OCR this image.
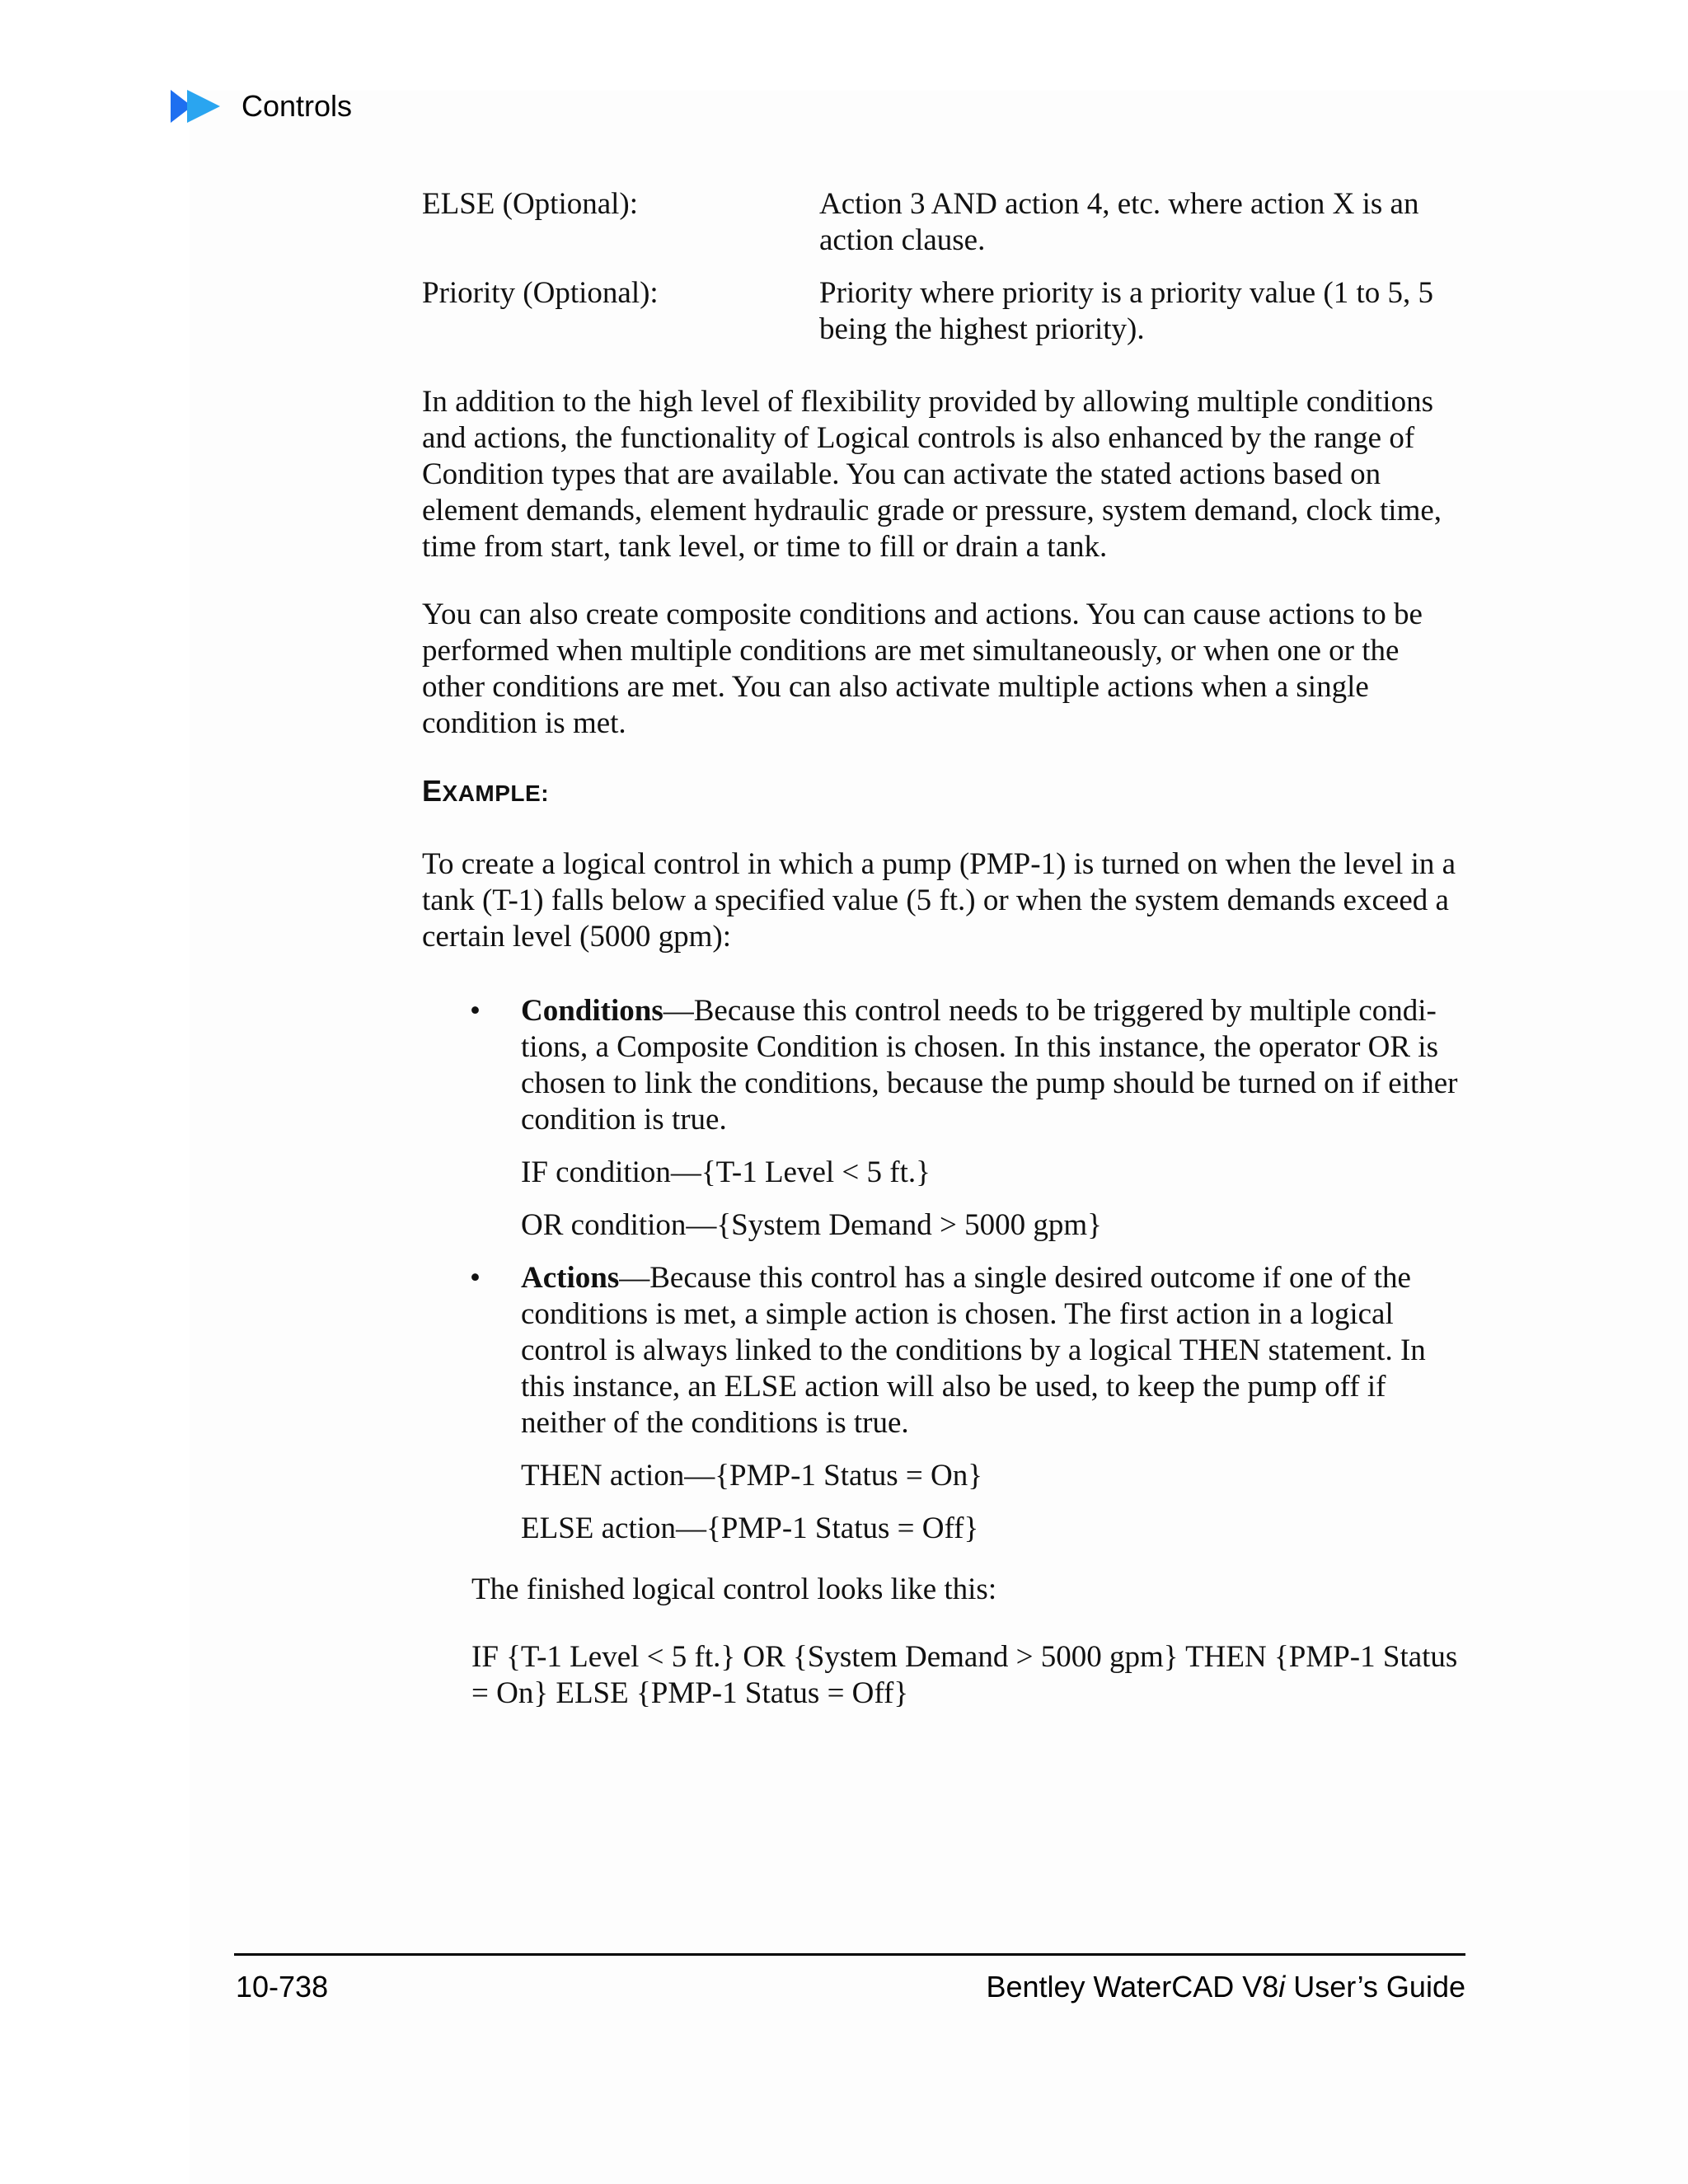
Controls
ELSE (Optional):	Action 3 AND action 4, etc. where action X is an action clause.
Priority (Optional):	Priority where priority is a priority value (1 to 5, 5 being the highest priority).

In addition to the high level of flexibility provided by allowing multiple conditions and actions, the functionality of Logical controls is also enhanced by the range of Condition types that are available. You can activate the stated actions based on element demands, element hydraulic grade or pressure, system demand, clock time, time from start, tank level, or time to fill or drain a tank.

You can also create composite conditions and actions. You can cause actions to be performed when multiple conditions are met simultaneously, or when one or the other conditions are met. You can also activate multiple actions when a single condition is met.

EXAMPLE:

To create a logical control in which a pump (PMP-1) is turned on when the level in a tank (T-1) falls below a specified value (5 ft.) or when the system demands exceed a certain level (5000 gpm):

• Conditions—Because this control needs to be triggered by multiple condi-tions, a Composite Condition is chosen. In this instance, the operator OR is chosen to link the conditions, because the pump should be turned on if either condition is true.
IF condition—{T-1 Level < 5 ft.}
OR condition—{System Demand > 5000 gpm}
• Actions—Because this control has a single desired outcome if one of the conditions is met, a simple action is chosen. The first action in a logical control is always linked to the conditions by a logical THEN statement. In this instance, an ELSE action will also be used, to keep the pump off if neither of the conditions is true.
THEN action—{PMP-1 Status = On}
ELSE action—{PMP-1 Status = Off}

The finished logical control looks like this:

IF {T-1 Level < 5 ft.} OR {System Demand > 5000 gpm} THEN {PMP-1 Status = On} ELSE {PMP-1 Status = Off}

10-738	Bentley WaterCAD V8i User’s Guide
